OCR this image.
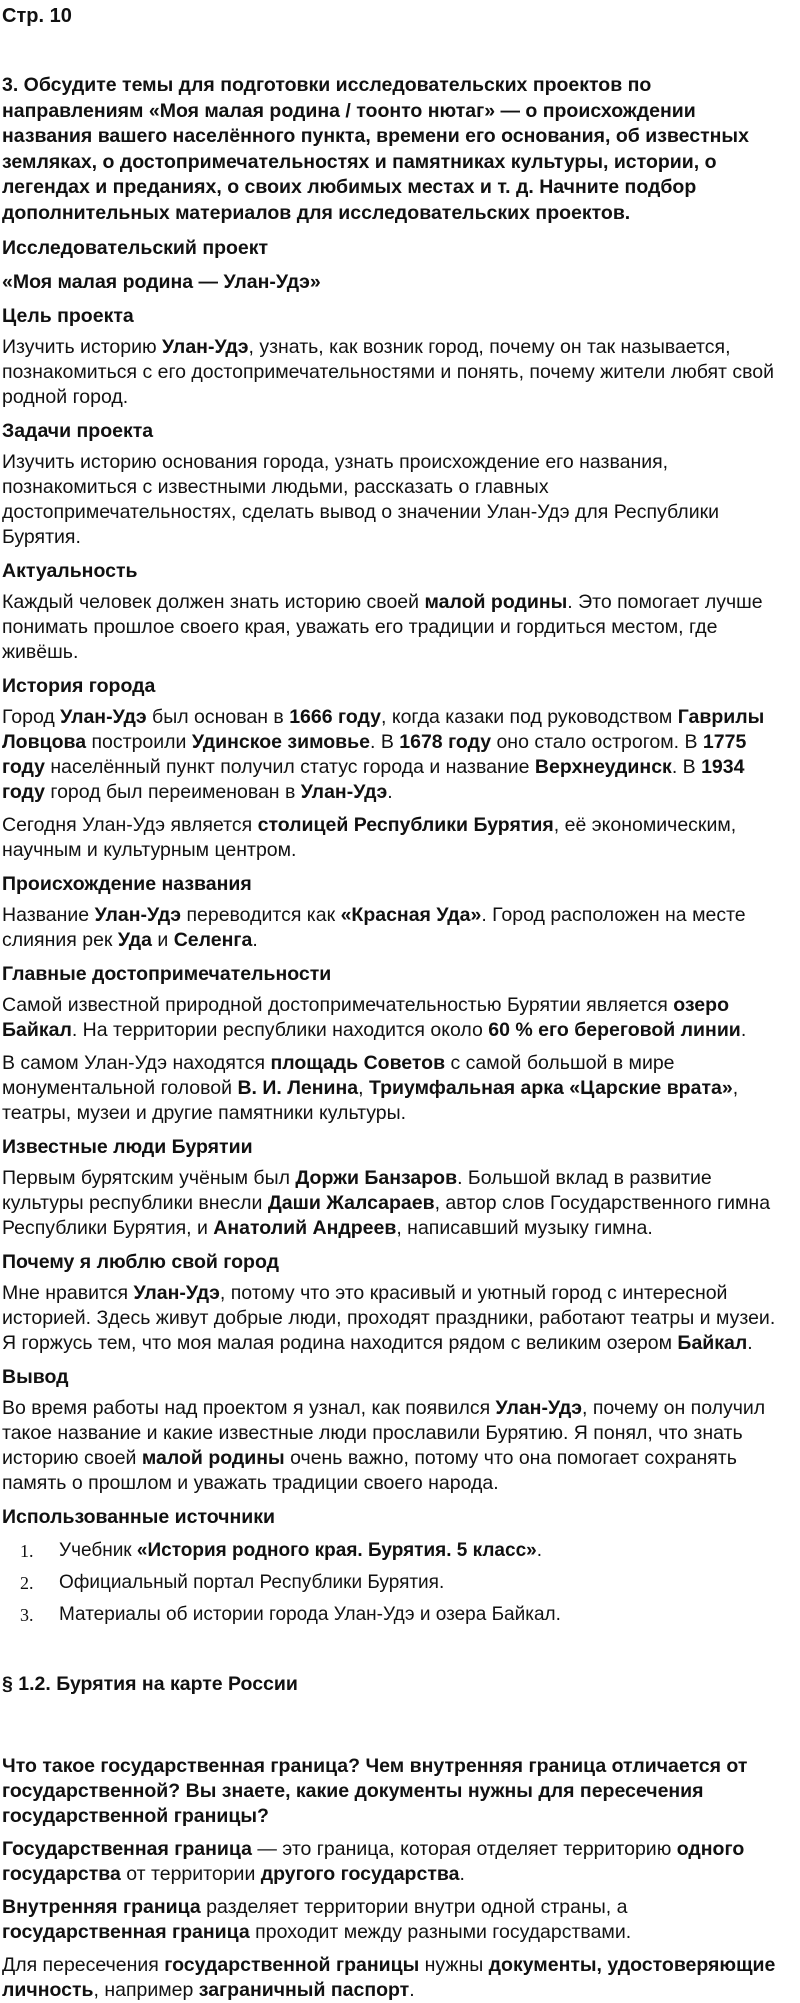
Стр. 10
3. Обсудите темы для подготовки исследовательских проектов по направлениям «Моя малая родина / тоонто нютаг» — о происхождении названия вашего населённого пункта, времени его основания, об известных земляках, о достопримечательностях и памятниках культуры, истории, о легендах и преданиях, о своих любимых местах и т. д. Начните подбор дополнительных материалов для исследовательских проектов.
Исследовательский проект
«Моя малая родина — Улан-Удэ»
Цель проекта
Изучить историю Улан-Удэ, узнать, как возник город, почему он так называется, познакомиться с его достопримечательностями и понять, почему жители любят свой родной город.
Задачи проекта
Изучить историю основания города, узнать происхождение его названия, познакомиться с известными людьми, рассказать о главных достопримечательностях, сделать вывод о значении Улан-Удэ для Республики Бурятия.
Актуальность
Каждый человек должен знать историю своей малой родины. Это помогает лучше понимать прошлое своего края, уважать его традиции и гордиться местом, где живёшь.
История города
Город Улан-Удэ был основан в 1666 году, когда казаки под руководством Гаврилы Ловцова построили Удинское зимовье. В 1678 году оно стало острогом. В 1775 году населённый пункт получил статус города и название Верхнеудинск. В 1934 году город был переименован в Улан-Удэ.
Сегодня Улан-Удэ является столицей Республики Бурятия, её экономическим, научным и культурным центром.
Происхождение названия
Название Улан-Удэ переводится как «Красная Уда». Город расположен на месте слияния рек Уда и Селенга.
Главные достопримечательности
Самой известной природной достопримечательностью Бурятии является озеро Байкал. На территории республики находится около 60 % его береговой линии.
В самом Улан-Удэ находятся площадь Советов с самой большой в мире монументальной головой В. И. Ленина, Триумфальная арка «Царские врата», театры, музеи и другие памятники культуры.
Известные люди Бурятии
Первым бурятским учёным был Доржи Банзаров. Большой вклад в развитие культуры республики внесли Даши Жалсараев, автор слов Государственного гимна Республики Бурятия, и Анатолий Андреев, написавший музыку гимна.
Почему я люблю свой город
Мне нравится Улан-Удэ, потому что это красивый и уютный город с интересной историей. Здесь живут добрые люди, проходят праздники, работают театры и музеи. Я горжусь тем, что моя малая родина находится рядом с великим озером Байкал.
Вывод
Во время работы над проектом я узнал, как появился Улан-Удэ, почему он получил такое название и какие известные люди прославили Бурятию. Я понял, что знать историю своей малой родины очень важно, потому что она помогает сохранять память о прошлом и уважать традиции своего народа.
Использованные источники
1. Учебник «История родного края. Бурятия. 5 класс».
2. Официальный портал Республики Бурятия.
3. Материалы об истории города Улан-Удэ и озера Байкал.
§ 1.2. Бурятия на карте России
Что такое государственная граница? Чем внутренняя граница отличается от государственной? Вы знаете, какие документы нужны для пересечения государственной границы?
Государственная граница — это граница, которая отделяет территорию одного государства от территории другого государства.
Внутренняя граница разделяет территории внутри одной страны, а государственная граница проходит между разными государствами.
Для пересечения государственной границы нужны документы, удостоверяющие личность, например заграничный паспорт.
